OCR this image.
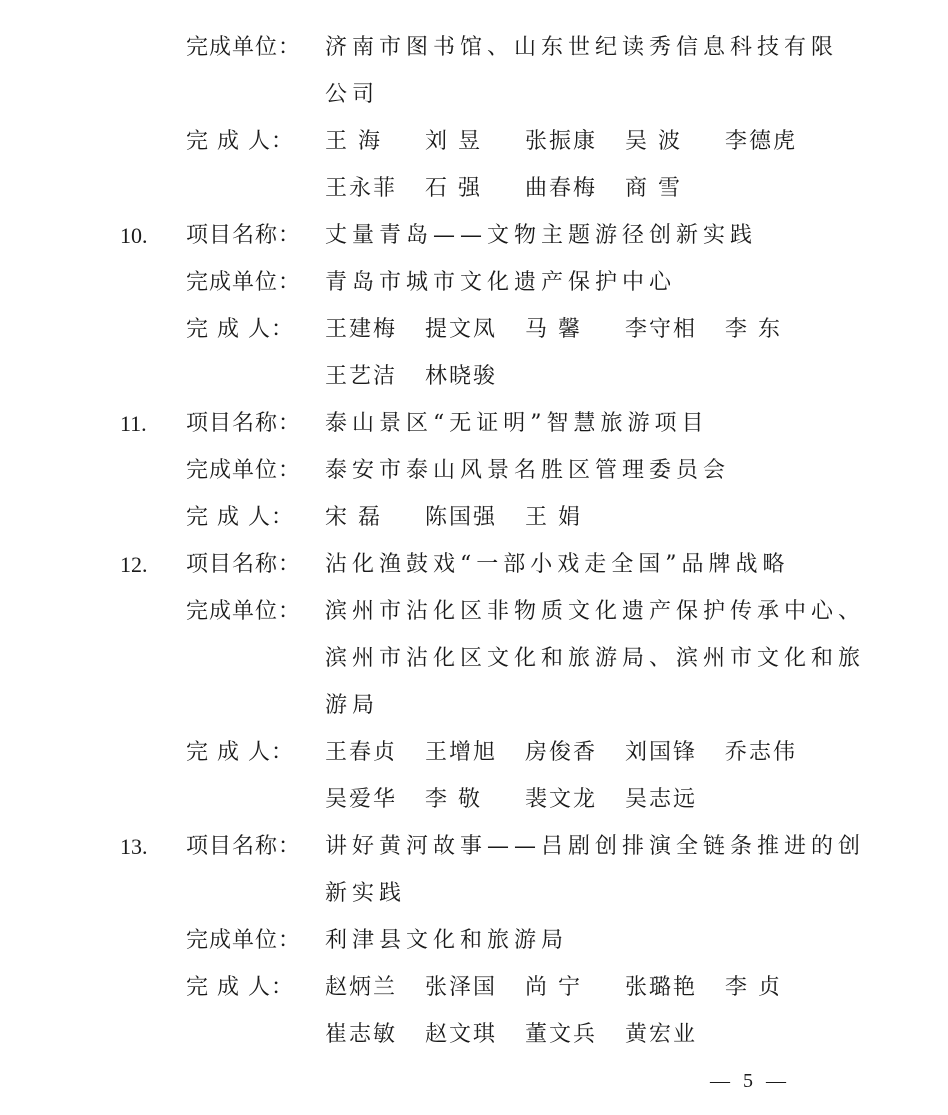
完成单位：	济南市图书馆、山东世纪读秀信息科技有限
公司
完 成 人：	王 海	刘 昱	张振康	吴 波	李德虎
王永菲	石 强	曲春梅	商 雪
10.	项目名称：	丈量青岛——文物主题游径创新实践
完成单位：	青岛市城市文化遗产保护中心
完 成 人：	王建梅	提文凤	马 馨	李守相	李 东
王艺洁	林晓骏
11.	项目名称：	泰山景区“无证明”智慧旅游项目
完成单位：	泰安市泰山风景名胜区管理委员会
完 成 人：	宋 磊	陈国强	王 娟
12.	项目名称：	沾化渔鼓戏“一部小戏走全国”品牌战略
完成单位：	滨州市沾化区非物质文化遗产保护传承中心、
滨州市沾化区文化和旅游局、滨州市文化和旅
游局
完 成 人：	王春贞	王增旭	房俊香	刘国锋	乔志伟
吴爱华	李 敬	裴文龙	吴志远
13.	项目名称：	讲好黄河故事——吕剧创排演全链条推进的创
新实践
完成单位：	利津县文化和旅游局
完 成 人：	赵炳兰	张泽国	尚 宁	张璐艳	李 贞
崔志敏	赵文琪	董文兵	黄宏业
— 5 —
